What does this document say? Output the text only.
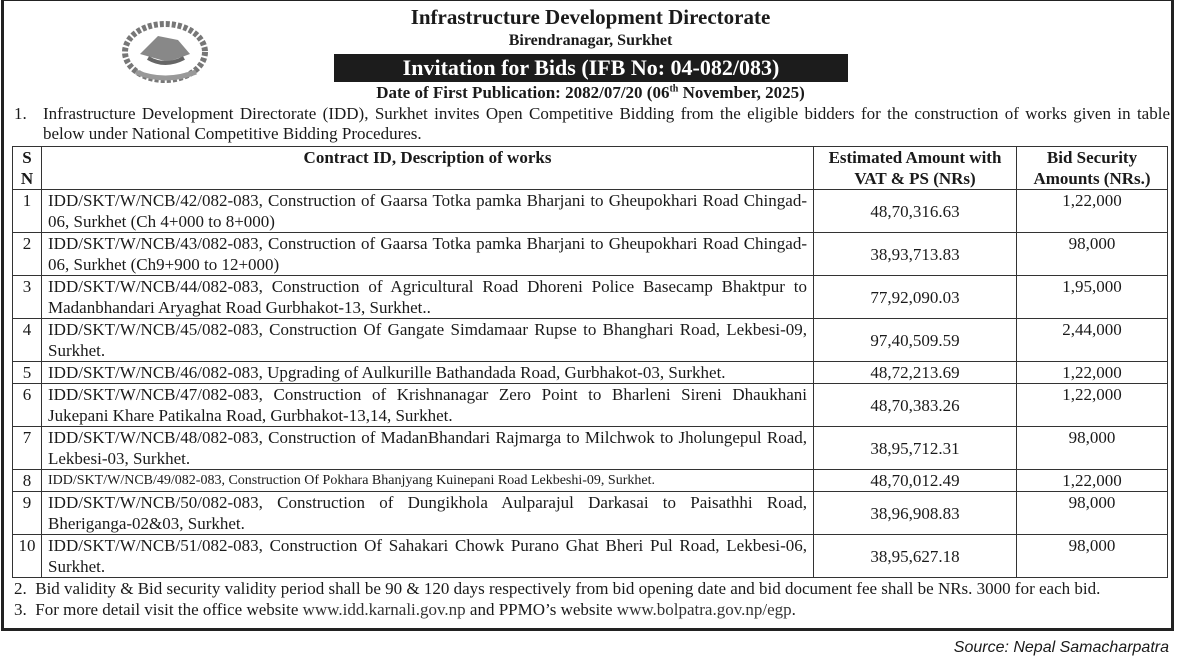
Infrastructure Development Directorate
Birendranagar, Surkhet
Invitation for Bids (IFB No: 04-082/083)
Date of First Publication: 2082/07/20 (06th November, 2025)
1. Infrastructure Development Directorate (IDD), Surkhet invites Open Competitive Bidding from the eligible bidders for the construction of works given in table below under National Competitive Bidding Procedures.
S N	Contract ID, Description of works	Estimated Amount with VAT & PS (NRs)	Bid Security Amounts (NRs.)
1	IDD/SKT/W/NCB/42/082-083, Construction of Gaarsa Totka pamka Bharjani to Gheupokhari Road Chingad-06, Surkhet (Ch 4+000 to 8+000)	48,70,316.63	1,22,000
2	IDD/SKT/W/NCB/43/082-083, Construction of Gaarsa Totka pamka Bharjani to Gheupokhari Road Chingad-06, Surkhet (Ch9+900 to 12+000)	38,93,713.83	98,000
3	IDD/SKT/W/NCB/44/082-083, Construction of Agricultural Road Dhoreni Police Basecamp Bhaktpur to Madanbhandari Aryaghat Road Gurbhakot-13, Surkhet..	77,92,090.03	1,95,000
4	IDD/SKT/W/NCB/45/082-083, Construction Of Gangate Simdamaar Rupse to Bhanghari Road, Lekbesi-09, Surkhet.	97,40,509.59	2,44,000
5	IDD/SKT/W/NCB/46/082-083, Upgrading of Aulkurille Bathandada Road, Gurbhakot-03, Surkhet.	48,72,213.69	1,22,000
6	IDD/SKT/W/NCB/47/082-083, Construction of Krishnanagar Zero Point to Bharleni Sireni Dhaukhani Jukepani Khare Patikalna Road, Gurbhakot-13,14, Surkhet.	48,70,383.26	1,22,000
7	IDD/SKT/W/NCB/48/082-083, Construction of MadanBhandari Rajmarga to Milchwok to Jholungepul Road, Lekbesi-03, Surkhet.	38,95,712.31	98,000
8	IDD/SKT/W/NCB/49/082-083, Construction Of Pokhara Bhanjyang Kuinepani Road Lekbeshi-09, Surkhet.	48,70,012.49	1,22,000
9	IDD/SKT/W/NCB/50/082-083, Construction of Dungikhola Aulparajul Darkasai to Paisathhi Road, Bheriganga-02&03, Surkhet.	38,96,908.83	98,000
10	IDD/SKT/W/NCB/51/082-083, Construction Of Sahakari Chowk Purano Ghat Bheri Pul Road, Lekbesi-06, Surkhet.	38,95,627.18	98,000
2. Bid validity & Bid security validity period shall be 90 & 120 days respectively from bid opening date and bid document fee shall be NRs. 3000 for each bid.
3. For more detail visit the office website www.idd.karnali.gov.np and PPMO’s website www.bolpatra.gov.np/egp.
Source: Nepal Samacharpatra
